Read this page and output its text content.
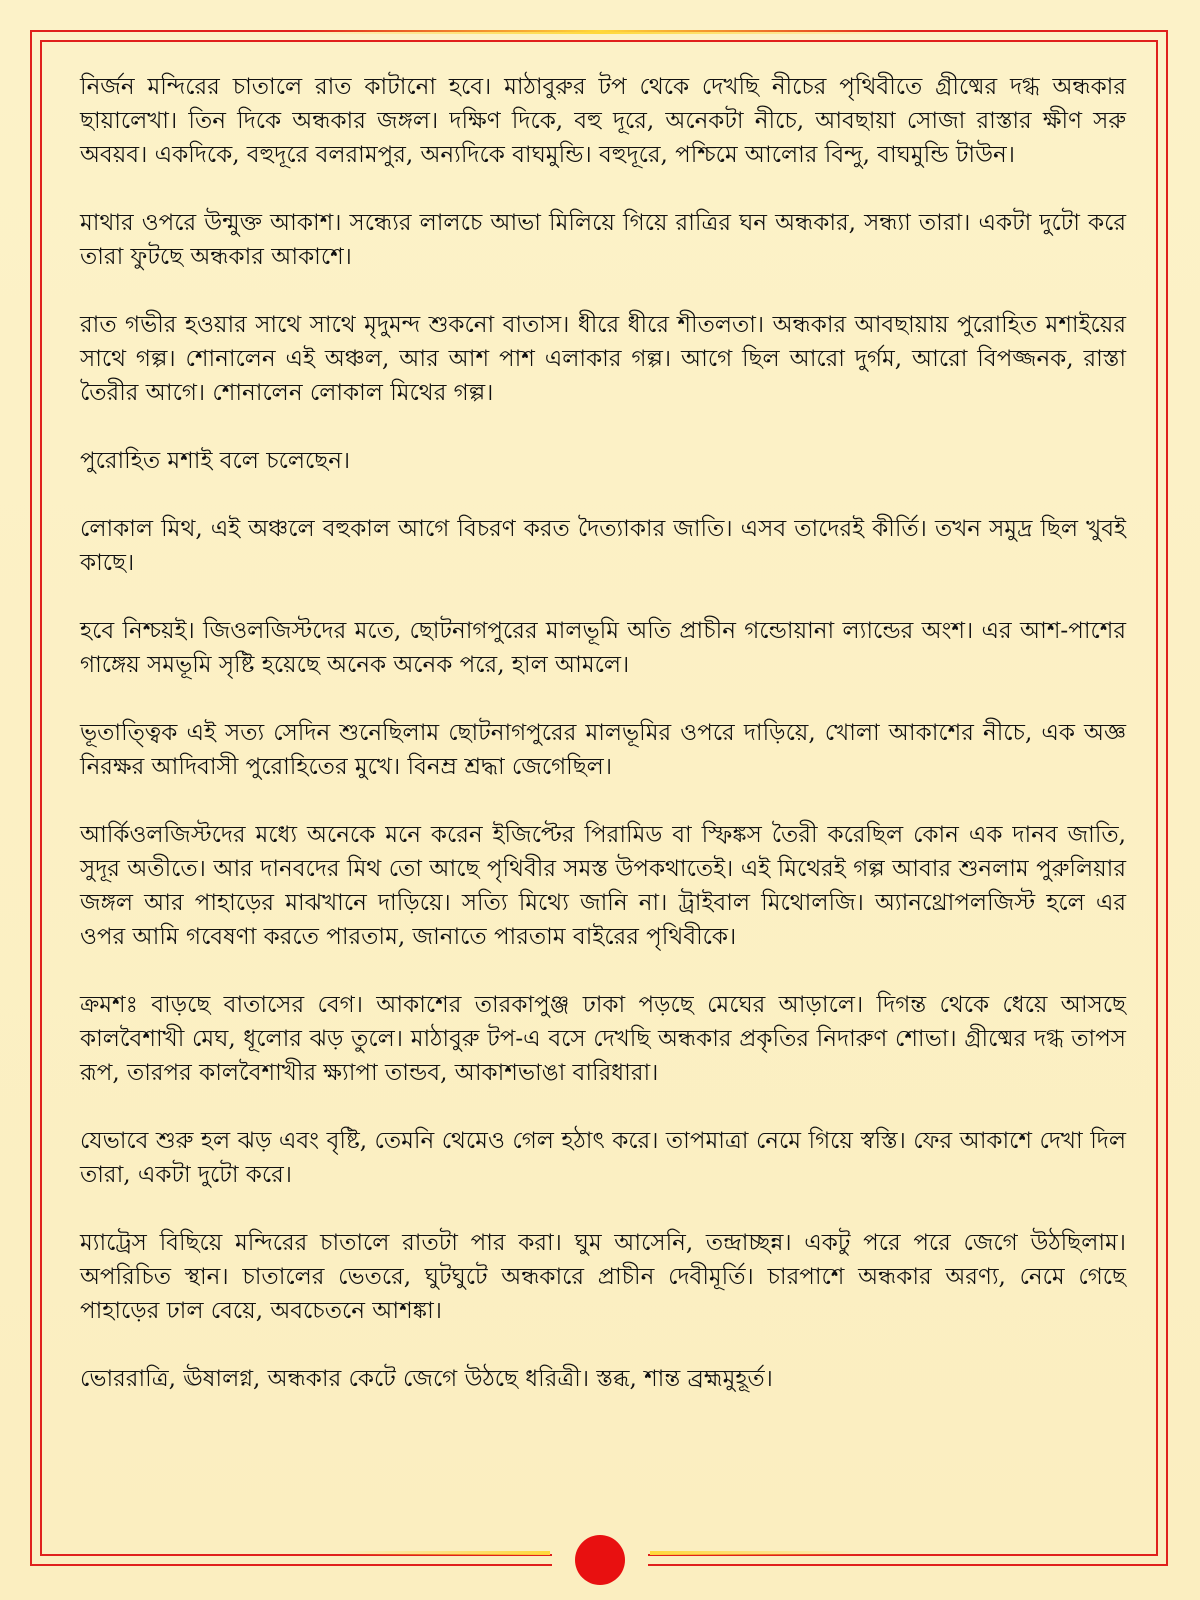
নির্জন মন্দিরের চাতালে রাত কাটানো হবে। মাঠাবুরুর টপ থেকে দেখছি নীচের পৃথিবীতে গ্রীষ্মের দগ্ধ অন্ধকার ছায়ালেখা। তিন দিকে অন্ধকার জঙ্গল। দক্ষিণ দিকে, বহু দূরে, অনেকটা নীচে, আবছায়া সোজা রাস্তার ক্ষীণ সরু অবয়ব। একদিকে, বহুদূরে বলরামপুর, অন্যদিকে বাঘমুন্ডি। বহুদূরে, পশ্চিমে আলোর বিন্দু, বাঘমুন্ডি টাউন।

মাথার ওপরে উন্মুক্ত আকাশ। সন্ধ্যের লালচে আভা মিলিয়ে গিয়ে রাত্রির ঘন অন্ধকার, সন্ধ্যা তারা। একটা দুটো করে তারা ফুটছে অন্ধকার আকাশে।

রাত গভীর হওয়ার সাথে সাথে মৃদুমন্দ শুকনো বাতাস। ধীরে ধীরে শীতলতা। অন্ধকার আবছায়ায় পুরোহিত মশাইয়ের সাথে গল্প। শোনালেন এই অঞ্চল, আর আশ পাশ এলাকার গল্প। আগে ছিল আরো দুর্গম, আরো বিপজ্জনক, রাস্তা তৈরীর আগে। শোনালেন লোকাল মিথের গল্প।

পুরোহিত মশাই বলে চলেছেন।

লোকাল মিথ, এই অঞ্চলে বহুকাল আগে বিচরণ করত দৈত্যাকার জাতি। এসব তাদেরই কীর্তি। তখন সমুদ্র ছিল খুবই কাছে।

হবে নিশ্চয়ই। জিওলজিস্টদের মতে, ছোটনাগপুরের মালভূমি অতি প্রাচীন গন্ডোয়ানা ল্যান্ডের অংশ। এর আশ-পাশের গাঙ্গেয় সমভূমি সৃষ্টি হয়েছে অনেক অনেক পরে, হাল আমলে।

ভূতাত্ত্বিক এই সত্য সেদিন শুনেছিলাম ছোটনাগপুরের মালভূমির ওপরে দাড়িয়ে, খোলা আকাশের নীচে, এক অজ্ঞ নিরক্ষর আদিবাসী পুরোহিতের মুখে। বিনম্র শ্রদ্ধা জেগেছিল।

আর্কিওলজিস্টদের মধ্যে অনেকে মনে করেন ইজিপ্টের পিরামিড বা স্ফিঙ্কস তৈরী করেছিল কোন এক দানব জাতি, সুদূর অতীতে। আর দানবদের মিথ তো আছে পৃথিবীর সমস্ত উপকথাতেই। এই মিথেরই গল্প আবার শুনলাম পুরুলিয়ার জঙ্গল আর পাহাড়ের মাঝখানে দাড়িয়ে। সত্যি মিথ্যে জানি না। ট্রাইবাল মিথোলজি। অ্যানথ্রোপলজিস্ট হলে এর ওপর আমি গবেষণা করতে পারতাম, জানাতে পারতাম বাইরের পৃথিবীকে।

ক্রমশঃ বাড়ছে বাতাসের বেগ। আকাশের তারকাপুঞ্জ ঢাকা পড়ছে মেঘের আড়ালে। দিগন্ত থেকে ধেয়ে আসছে কালবৈশাখী মেঘ, ধূলোর ঝড় তুলে। মাঠাবুরু টপ-এ বসে দেখছি অন্ধকার প্রকৃতির নিদারুণ শোভা। গ্রীষ্মের দগ্ধ তাপস রূপ, তারপর কালবৈশাখীর ক্ষ্যাপা তান্ডব, আকাশভাঙা বারিধারা।

যেভাবে শুরু হল ঝড় এবং বৃষ্টি, তেমনি থেমেও গেল হঠাৎ করে। তাপমাত্রা নেমে গিয়ে স্বস্তি। ফের আকাশে দেখা দিল তারা, একটা দুটো করে।

ম্যাট্রেস বিছিয়ে মন্দিরের চাতালে রাতটা পার করা। ঘুম আসেনি, তন্দ্রাচ্ছন্ন। একটু পরে পরে জেগে উঠছিলাম। অপরিচিত স্থান। চাতালের ভেতরে, ঘুটঘুটে অন্ধকারে প্রাচীন দেবীমূর্তি। চারপাশে অন্ধকার অরণ্য, নেমে গেছে পাহাড়ের ঢাল বেয়ে, অবচেতনে আশঙ্কা।

ভোররাত্রি, ঊষালগ্ন, অন্ধকার কেটে জেগে উঠছে ধরিত্রী। স্তব্ধ, শান্ত ব্রহ্মমুহূর্ত।
